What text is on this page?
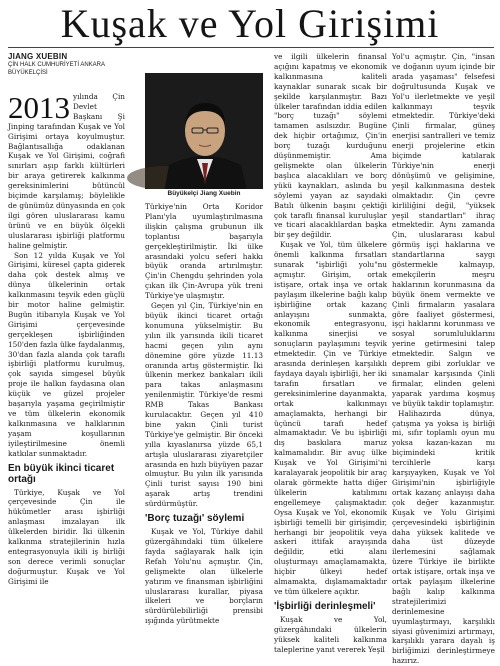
Kuşak ve Yol Girişimi

JIANG XUEBIN

ÇİN HALK CUMHURİYETİ ANKARA BÜYÜKELÇİSİ

2013 yılında Çin Devlet Başkanı Şi Jinping tarafından Kuşak ve Yol Girişimi ortaya koyulmuştur. Bağlantısallığa odaklanan Kuşak ve Yol Girişimi, coğrafi sınırları aşıp farklı kültürleri bir araya getirerek kalkınma gereksinimlerini bütüncül biçimde karşılamış; böylelikle de günümüz dünyasında en çok ilgi gören uluslararası kamu ürünü ve en büyük ölçekli uluslararası işbirliği platformu haline gelmiştir.

Son 12 yılda Kuşak ve Yol Girişimi, küresel çapta giderek daha çok destek almış ve dünya ülkelerinin ortak kalkınmasını teşvik eden güçlü bir motor haline gelmiştir. Bugün itibarıyla Kuşak ve Yol Girişimi çerçevesinde gerçekleşen işbirliğinden 150'den fazla ülke faydalanmış, 30'dan fazla alanda çok taraflı işbirliği platformu kurulmuş, çok sayıda simgesel büyük proje ile halkın faydasına olan küçük ve güzel projeler başarıyla yaşama geçirilmiştir ve tüm ülkelerin ekonomik kalkınmasına ve halklarının yaşam koşullarının iyileştirilmesine önemli katkılar sunmaktadır.

En büyük ikinci ticaret ortağı

Türkiye, Kuşak ve Yol çerçevesinde Çin ile hükümetler arası işbirliği anlaşması imzalayan ilk ülkelerden biridir. İki ülkenin kalkınma stratejilerinin hızla entegrasyonuyla ikili iş birliği son derece verimli sonuçlar doğurmuştur. Kuşak ve Yol Girişimi ile

Büyükelçi Jiang Xuebin

Türkiye'nin Orta Koridor Planı'yla uyumlaştırılmasına ilişkin çalışma grubunun ilk toplantısı başarıyla gerçekleştirilmiştir. İki ülke arasındaki yolcu seferi hakkı büyük oranda artırılmıştır. Çin'in Chengdu şehrinden yola çıkan ilk Çin-Avrupa yük treni Türkiye'ye ulaşmıştır.

Geçen yıl Çin, Türkiye'nin en büyük ikinci ticaret ortağı konumuna yükselmiştir. Bu yılın ilk yarısında ikili ticaret hacmi geçen yılın aynı dönemine göre yüzde 11.13 oranında artış göstermiştir. İki ülkenin merkez bankaları ikili para takas anlaşmasını yenilenmiştir. Türkiye'de resmi RMB Takas Bankası kurulacaktır. Geçen yıl 410 bine yakın Çinli turist Türkiye'ye gelmiştir. Bir önceki yılla kıyaslanırsa yüzde 65,1 artışla uluslararası ziyaretçiler arasında en hızlı büyüyen pazar olmuştur. Bu yılın ilk yarısında Çinli turist sayısı 190 bini aşarak artış trendini sürdürmüştür.

'Borç tuzağı' söylemi

Kuşak ve Yol, Türkiye dahil güzergâhındaki tüm ülkelere fayda sağlayarak halk için Refah Yolu'nu açmıştır. Çin, gelişmekte olan ülkelerle yatırım ve finansman işbirliğini uluslararası kurallar, piyasa ilkeleri ve borçların sürdürülebilirliği prensibi ışığında yürütmekte

ve ilgili ülkelerin finansal açığını kapatmış ve ekonomik kalkınmasına kaliteli kaynaklar sunarak sıcak bir şekilde karşılanmıştır. Bazı ülkeler tarafından iddia edilen "borç tuzağı" söylemi tamamen asılsızdır. Bugüne dek hiçbir ortağımız, Çin'in borç tuzağı kurduğunu düşünmemiştir. Ama gelişmekte olan ülkelerin başlıca alacaklıları ve borç yükü kaynakları, aslında bu söylemi yayan az sayıdaki Batılı ülkenin başını çektiği çok taraflı finansal kuruluşlar ve ticari alacaklılardan başka bir şey değildir.

Kuşak ve Yol, tüm ülkelere önemli kalkınma fırsatları sunarak "işbirliği yolu"nu açmıştır. Girişim, ortak istişare, ortak inşa ve ortak paylaşım ilkelerine bağlı kalıp işbirliğine ortak kazanç anlayışını sunmakta, ekonomik entegrasyonu, kalkınma sinerjisi ve sonuçların paylaşımını teşvik etmektedir. Çin ve Türkiye arasında derinleşen karşılıklı faydaya dayalı işbirliği, her iki tarafın fırsatları ve gereksinimlerine dayanmakta, ortak kalkınmayı amaçlamakta, herhangi bir üçüncü tarafı hedef almamaktadır. Ve bu işbirliği dış baskılara maruz kalmamalıdır. Bir avuç ülke Kuşak ve Yol Girişimi'ni karalayarak jeopolitik bir araç olarak görmekte hatta diğer ülkelerin katılımını engellemeye çalışmaktadır. Oysa Kuşak ve Yol, ekonomik işbirliği temelli bir girişimdir, herhangi bir jeopolitik veya askeri ittifak arayışında değildir, etki alanı oluşturmayı amaçlamamakta, hiçbir ülkeyi hedef almamakta, dışlamamaktadır ve tüm ülkelere açıktır.

'İşbirliği derinleşmeli'

Kuşak ve Yol, güzergâhındaki ülkelerin yüksek kaliteli kalkınma taleplerine yanıt vererek Yeşil

Yol'u açmıştır. Çin, "insan ve doğanın uyum içinde bir arada yaşaması" felsefesi doğrultusunda Kuşak ve Yol'u ilerletmekte ve yeşil kalkınmayı teşvik etmektedir. Türkiye'deki Çinli firmalar, güneş enerjisi santralleri ve temiz enerji projelerine etkin biçimde katılarak Türkiye'nin enerji dönüşümü ve gelişimine, yeşil kalkınmasına destek olmaktadır. Çin çevre kirliliğini değil, "yüksek yeşil standartları" ihraç etmektedir. Aynı zamanda Çin, uluslararası kabul görmüş işçi haklarına ve standartlarına saygı göstermekle kalmayıp, emekçilerin meşru haklarının korunmasına da büyük önem vermekte ve Çinli firmaların yasalara göre faaliyet göstermesi, işçi haklarını korunması ve sosyal sorumluluklarını yerine getirmesini talep etmektedir. Salgın ve deprem gibi zorluklar ve sınamalar karşısında Çinli firmalar, elinden geleni yaparak yardıma koşmuş ve büyük takdir toplamıştır.

Halihazırda dünya, çatışma ya yoksa iş birliği mi, sıfır toplamlı oyun mu yoksa kazan-kazan mı biçimindeki kritik tercihlerle karşı karşıyayken, Kuşak ve Yol Girişimi'nin işbirliğiyle ortak kazanç anlayışı daha çok değer kazanmıştır. Kuşak ve Yolu Girişimi çerçevesindeki işbirliğinin daha yüksek kalitede ve daha üst düzeyde ilerlemesini sağlamak üzere Türkiye ile birlikte ortak istişare, ortak inşa ve ortak paylaşım ilkelerine bağlı kalıp kalkınma stratejilerimizi derinlemesine uyumlaştırmayı, karşılıklı siyasi güvenimizi artırmayı, karşılıklı yarara dayalı iş birliğimizi derinleştirmeye hazırız.
